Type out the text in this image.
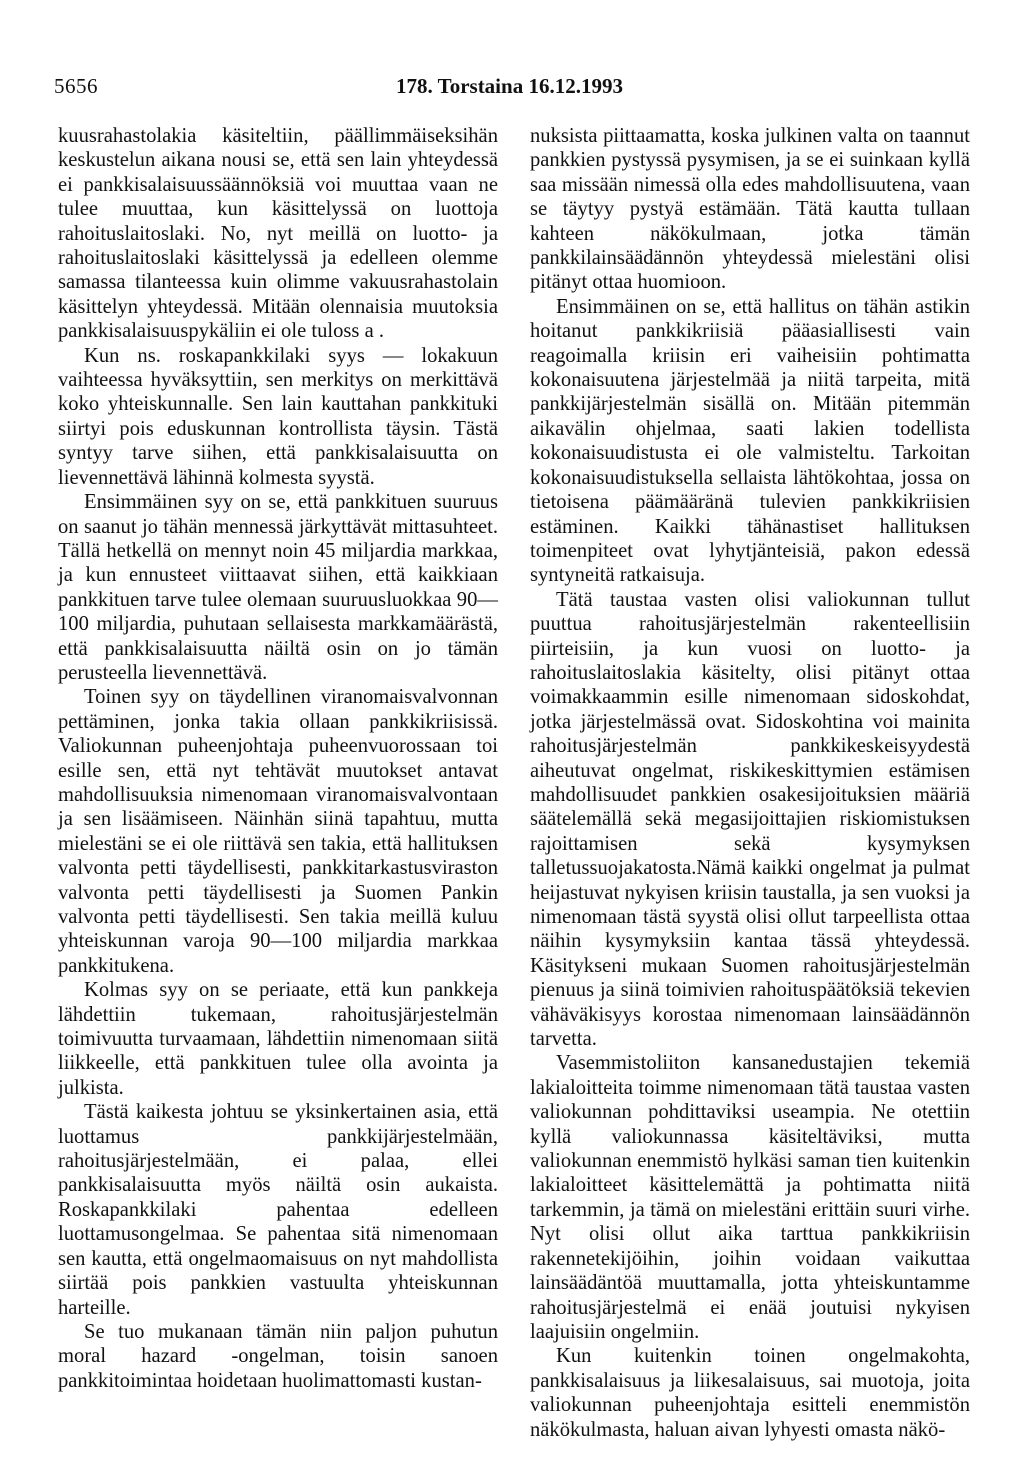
5656	178. Torstaina 16.12.1993

kuusrahastolakia käsiteltiin, päällimmäiseksihän keskustelun aikana nousi se, että sen lain yhteydessä ei pankkisalaisuussäännöksiä voi muuttaa vaan ne tulee muuttaa, kun käsittelyssä on luottoja rahoituslaitoslaki. No, nyt meillä on luotto- ja rahoituslaitoslaki käsittelyssä ja edelleen olemme samassa tilanteessa kuin olimme vakuusrahastolain käsittelyn yhteydessä. Mitään olennaisia muutoksia pankkisalaisuuspykäliin ei ole tuloss a .

Kun ns. roskapankkilaki syys — lokakuun vaihteessa hyväksyttiin, sen merkitys on merkittävä koko yhteiskunnalle. Sen lain kauttahan pankkituki siirtyi pois eduskunnan kontrollista täysin. Tästä syntyy tarve siihen, että pankkisalaisuutta on lievennettävä lähinnä kolmesta syystä.

Ensimmäinen syy on se, että pankkituen suuruus on saanut jo tähän mennessä järkyttävät mittasuhteet. Tällä hetkellä on mennyt noin 45 miljardia markkaa, ja kun ennusteet viittaavat siihen, että kaikkiaan pankkituen tarve tulee olemaan suuruusluokkaa 90—100 miljardia, puhutaan sellaisesta markkamäärästä, että pankkisalaisuutta näiltä osin on jo tämän perusteella lievennettävä.

Toinen syy on täydellinen viranomaisvalvonnan pettäminen, jonka takia ollaan pankkikriisissä. Valiokunnan puheenjohtaja puheenvuorossaan toi esille sen, että nyt tehtävät muutokset antavat mahdollisuuksia nimenomaan viranomaisvalvontaan ja sen lisäämiseen. Näinhän siinä tapahtuu, mutta mielestäni se ei ole riittävä sen takia, että hallituksen valvonta petti täydellisesti, pankkitarkastusviraston valvonta petti täydellisesti ja Suomen Pankin valvonta petti täydellisesti. Sen takia meillä kuluu yhteiskunnan varoja 90—100 miljardia markkaa pankkitukena.

Kolmas syy on se periaate, että kun pankkeja lähdettiin tukemaan, rahoitusjärjestelmän toimivuutta turvaamaan, lähdettiin nimenomaan siitä liikkeelle, että pankkituen tulee olla avointa ja julkista.

Tästä kaikesta johtuu se yksinkertainen asia, että luottamus pankkijärjestelmään, rahoitusjärjestelmään, ei palaa, ellei pankkisalaisuutta myös näiltä osin aukaista. Roskapankkilaki pahentaa edelleen luottamusongelmaa. Se pahentaa sitä nimenomaan sen kautta, että ongelmaomaisuus on nyt mahdollista siirtää pois pankkien vastuulta yhteiskunnan harteille.

Se tuo mukanaan tämän niin paljon puhutun moral hazard -ongelman, toisin sanoen pankkitoimintaa hoidetaan huolimattomasti kustan-

nuksista piittaamatta, koska julkinen valta on taannut pankkien pystyssä pysymisen, ja se ei suinkaan kyllä saa missään nimessä olla edes mahdollisuutena, vaan se täytyy pystyä estämään. Tätä kautta tullaan kahteen näkökulmaan, jotka tämän pankkilainsäädännön yhteydessä mielestäni olisi pitänyt ottaa huomioon.

Ensimmäinen on se, että hallitus on tähän astikin hoitanut pankkikriisiä pääasiallisesti vain reagoimalla kriisin eri vaiheisiin pohtimatta kokonaisuutena järjestelmää ja niitä tarpeita, mitä pankkijärjestelmän sisällä on. Mitään pitemmän aikavälin ohjelmaa, saati lakien todellista kokonaisuudistusta ei ole valmisteltu. Tarkoitan kokonaisuudistuksella sellaista lähtökohtaa, jossa on tietoisena päämääränä tulevien pankkikriisien estäminen. Kaikki tähänastiset hallituksen toimenpiteet ovat lyhytjänteisiä, pakon edessä syntyneitä ratkaisuja.

Tätä taustaa vasten olisi valiokunnan tullut puuttua rahoitusjärjestelmän rakenteellisiin piirteisiin, ja kun vuosi on luotto- ja rahoituslaitoslakia käsitelty, olisi pitänyt ottaa voimakkaammin esille nimenomaan sidoskohdat, jotka järjestelmässä ovat. Sidoskohtina voi mainita rahoitusjärjestelmän pankkikeskeisyydestä aiheutuvat ongelmat, riskikeskittymien estämisen mahdollisuudet pankkien osakesijoituksien määriä säätelemällä sekä megasijoittajien riskiomistuksen rajoittamisen sekä kysymyksen talletussuojakatosta.Nämä kaikki ongelmat ja pulmat heijastuvat nykyisen kriisin taustalla, ja sen vuoksi ja nimenomaan tästä syystä olisi ollut tarpeellista ottaa näihin kysymyksiin kantaa tässä yhteydessä. Käsitykseni mukaan Suomen rahoitusjärjestelmän pienuus ja siinä toimivien rahoituspäätöksiä tekevien vähäväkisyys korostaa nimenomaan lainsäädännön tarvetta.

Vasemmistoliiton kansanedustajien tekemiä lakialoitteita toimme nimenomaan tätä taustaa vasten valiokunnan pohdittaviksi useampia. Ne otettiin kyllä valiokunnassa käsiteltäviksi, mutta valiokunnan enemmistö hylkäsi saman tien kuitenkin lakialoitteet käsittelemättä ja pohtimatta niitä tarkemmin, ja tämä on mielestäni erittäin suuri virhe. Nyt olisi ollut aika tarttua pankkikriisin rakennetekijöihin, joihin voidaan vaikuttaa lainsäädäntöä muuttamalla, jotta yhteiskuntamme rahoitusjärjestelmä ei enää joutuisi nykyisen laajuisiin ongelmiin.

Kun kuitenkin toinen ongelmakohta, pankkisalaisuus ja liikesalaisuus, sai muotoja, joita valiokunnan puheenjohtaja esitteli enemmistön näkökulmasta, haluan aivan lyhyesti omasta näkö-
